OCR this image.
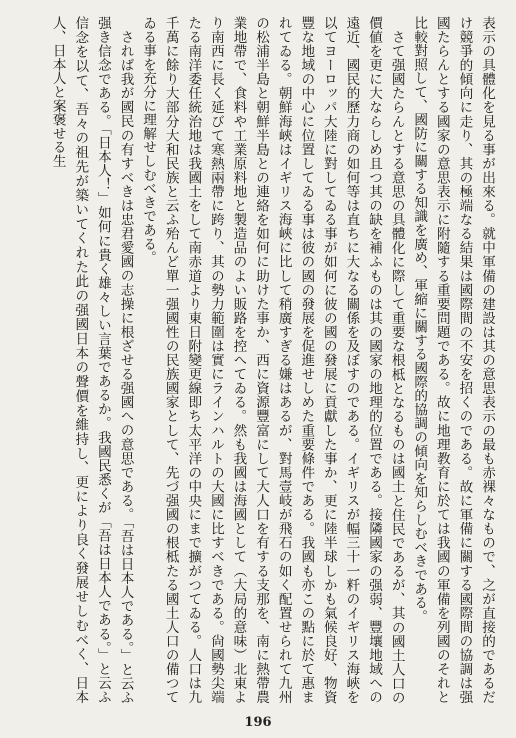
表示の具體化を見る事が出來る。就中軍備の建設は其の意思表示の最も赤裸々なもので、之が直接的であるだけ競爭的傾向に走り、其の極端なる結果は國際間の不安を招くのである。故に軍備に關する國際間の協調は强國たらんとする國家の意思表示に附隨する重要問題である。故に地理教育に於ては我國の軍備を列國のそれと比較對照して、國防に關する知識を廣め、軍縮に關する國際的協調の傾向を知らしむべきである。

さて强國たらんとする意思の具體化に際して重要な根柢となるものは國土と住民であるが、其の國土人口の價値を更に大ならしめ且つ其の缺を補ふものは其の國家の地理的位置である。接隣國家の强弱、豐壤地域への遠近、國民的歷力商の如何等は直ちに大なる關係を及ぼすのである。イギリスが幅三十一粁のイギリス海峽を以てヨーロッパ大陸に對してゐる事が如何に彼の國の發展に貢獻した事か、更に陸半球しかも氣候良好、物資豐な地域の中心に位置してゐる事は彼の國の發展を促進せしめた重要條件である。我國も亦この點に於て惠まれてゐる。朝鮮海峽はイギリス海峽に比して稍廣すぎる嫌はあるが、對馬壹岐が飛石の如く配置せられて九州の松浦半島と朝鮮半島との連絡を如何に助けた事か、西に資源豐富にして大人口を有する支那を、南に熱帶農業地帶で、食料や工業原料地と製造品のよい販路を控へてゐる。然も我國は海國として（大局的意味）北東より南西に長く延びて寒熱兩帶に跨り、其の勢力範圍は實にラインハルトの大國に比すべきである。尙國勢尖端たる南洋委任統治地は我國土をして南赤道より東日附變更線即ち太平洋の中央にまで擴がつてゐる。人口は九千萬に餘り大部分大和民族と云ふ殆んど單一强國性の民族國家として、先づ强國の根柢たる國土人口の備つてゐる事を充分に理解せしむべきである。

されば我が國民の有すべきは忠君愛國の志操に根ざせる强國への意思である。「吾は日本人である。」と云ふ强き信念である。「日本人！」如何に貴く雄々しい言葉であるか。我國民悉くが「吾は日本人である。」と云ふ信念を以て、吾々の祖先が築いてくれた此の强國日本の聲價を維持し、更により良く發展せしむべく、日本人、日本人と案褒せる生

196
